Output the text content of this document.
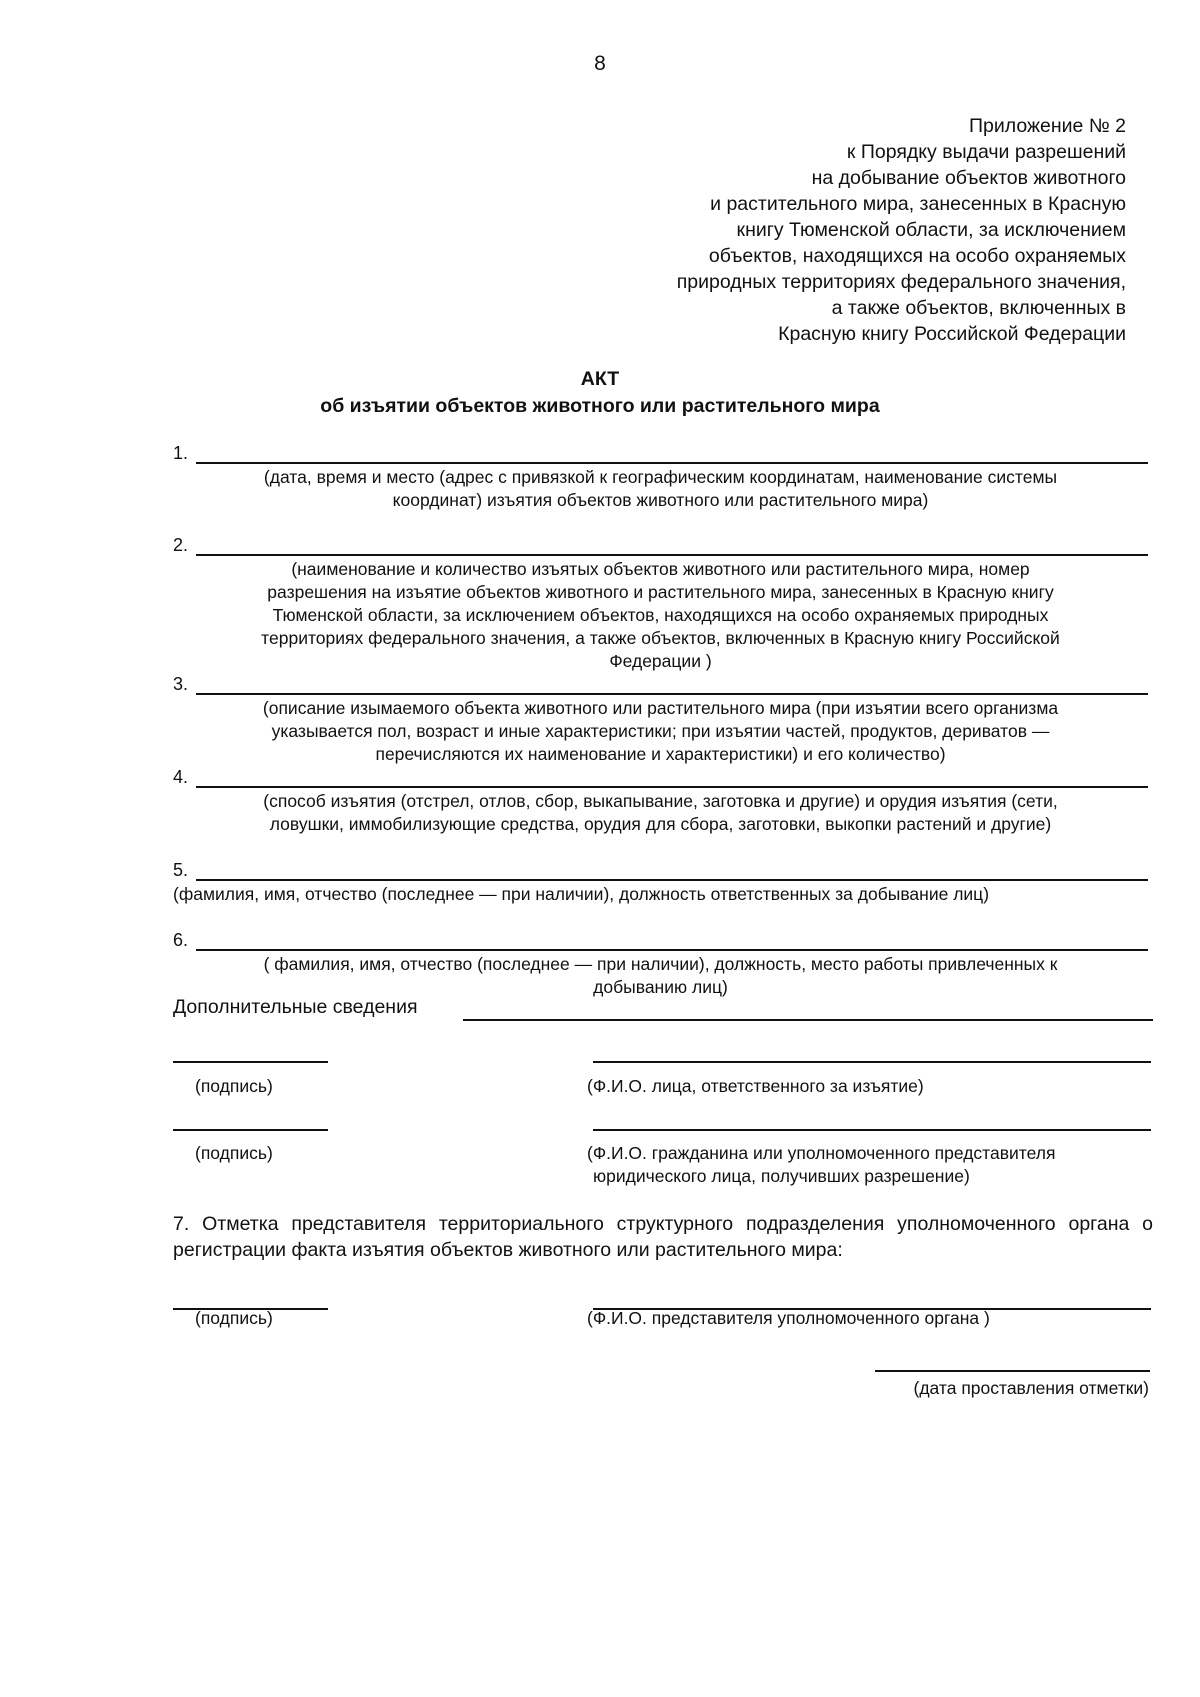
8
Приложение № 2
к Порядку выдачи разрешений
на добывание объектов животного
и растительного мира, занесенных в Красную
книгу Тюменской области, за исключением
объектов, находящихся на особо охраняемых
природных территориях федерального значения,
а также объектов, включенных в
Красную книгу Российской Федерации
АКТ
об изъятии объектов животного или растительного мира
1.
(дата, время и место (адрес с привязкой к географическим координатам, наименование системы
координат) изъятия объектов животного или растительного мира)
2.
(наименование и количество изъятых объектов животного или растительного мира, номер
разрешения на изъятие объектов животного и растительного мира, занесенных в Красную книгу
Тюменской области, за исключением объектов, находящихся на особо охраняемых природных
территориях федерального значения, а также объектов, включенных в Красную книгу Российской
Федерации )
3.
(описание изымаемого объекта животного или растительного мира (при изъятии всего организма
указывается пол, возраст и иные характеристики; при изъятии частей, продуктов, дериватов —
перечисляются их наименование и характеристики) и его количество)
4.
(способ изъятия (отстрел, отлов, сбор, выкапывание, заготовка и другие) и орудия изъятия (сети,
ловушки, иммобилизующие средства, орудия для сбора, заготовки, выкопки растений и другие)
5.
(фамилия, имя, отчество (последнее — при наличии), должность ответственных за добывание лиц)
6.
( фамилия, имя, отчество (последнее — при наличии), должность, место работы привлеченных к
добыванию лиц)
Дополнительные сведения
(подпись)	(Ф.И.О. лица, ответственного за изъятие)
(подпись)	(Ф.И.О. гражданина или уполномоченного представителя
юридического лица, получивших разрешение)
7. Отметка представителя территориального структурного подразделения уполномоченного органа о регистрации факта изъятия объектов животного или растительного мира:
(подпись)	(Ф.И.О. представителя уполномоченного органа )
(дата проставления отметки)
